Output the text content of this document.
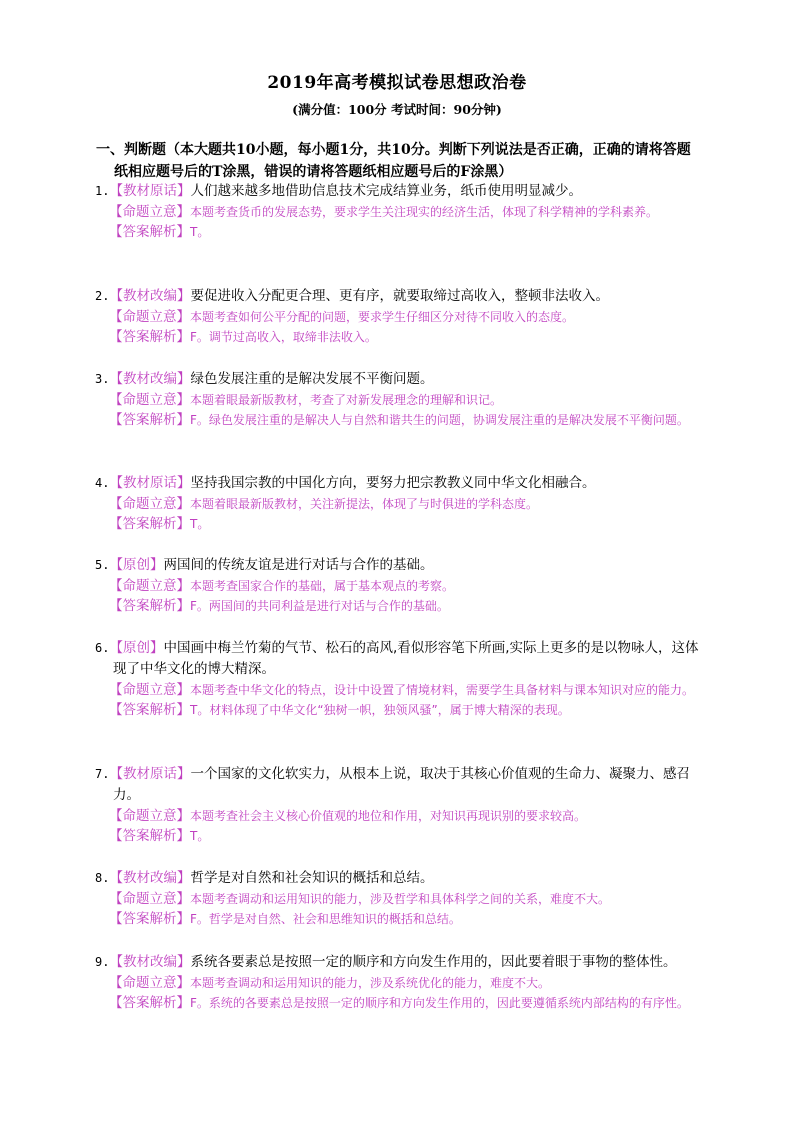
2019年高考模拟试卷思想政治卷
(满分值：100分 考试时间：90分钟)
一、判断题（本大题共10小题，每小题1分，共10分。判断下列说法是否正确，正确的请将答题
纸相应题号后的T涂黑，错误的请将答题纸相应题号后的F涂黑）
1.【教材原话】人们越来越多地借助信息技术完成结算业务，纸币使用明显减少。
【命题立意】本题考查货币的发展态势，要求学生关注现实的经济生活，体现了科学精神的学科素养。
【答案解析】T。
2.【教材改编】要促进收入分配更合理、更有序，就要取缔过高收入，整顿非法收入。
【命题立意】本题考查如何公平分配的问题，要求学生仔细区分对待不同收入的态度。
【答案解析】F。调节过高收入，取缔非法收入。
3.【教材改编】绿色发展注重的是解决发展不平衡问题。
【命题立意】本题着眼最新版教材，考查了对新发展理念的理解和识记。
【答案解析】F。绿色发展注重的是解决人与自然和谐共生的问题，协调发展注重的是解决发展不平衡问题。
4.【教材原话】坚持我国宗教的中国化方向，要努力把宗教教义同中华文化相融合。
【命题立意】本题着眼最新版教材，关注新提法，体现了与时俱进的学科态度。
【答案解析】T。
5.【原创】两国间的传统友谊是进行对话与合作的基础。
【命题立意】本题考查国家合作的基础，属于基本观点的考察。
【答案解析】F。两国间的共同利益是进行对话与合作的基础。
6.【原创】中国画中梅兰竹菊的气节、松石的高风,看似形容笔下所画,实际上更多的是以物咏人，这体现了中华文化的博大精深。
【命题立意】本题考查中华文化的特点，设计中设置了情境材料，需要学生具备材料与课本知识对应的能力。
【答案解析】T。材料体现了中华文化“独树一帜，独领风骚”，属于博大精深的表现。
7.【教材原话】一个国家的文化软实力，从根本上说，取决于其核心价值观的生命力、凝聚力、感召力。
【命题立意】本题考查社会主义核心价值观的地位和作用，对知识再现识别的要求较高。
【答案解析】T。
8.【教材改编】哲学是对自然和社会知识的概括和总结。
【命题立意】本题考查调动和运用知识的能力，涉及哲学和具体科学之间的关系，难度不大。
【答案解析】F。哲学是对自然、社会和思维知识的概括和总结。
9.【教材改编】系统各要素总是按照一定的顺序和方向发生作用的，因此要着眼于事物的整体性。
【命题立意】本题考查调动和运用知识的能力，涉及系统优化的能力，难度不大。
【答案解析】F。系统的各要素总是按照一定的顺序和方向发生作用的，因此要遵循系统内部结构的有序性。
